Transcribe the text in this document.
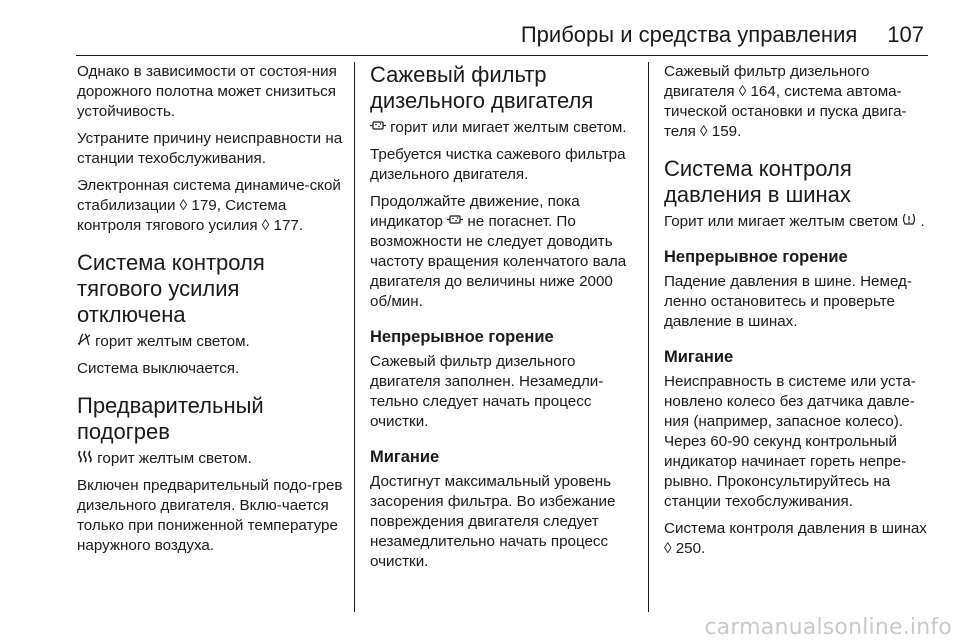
Приборы и средства управления 107

Однако в зависимости от состоя-ния дорожного полотна может снизиться устойчивость.

Устраните причину неисправности на станции техобслуживания.

Электронная система динамиче-ской стабилизации ◊ 179, Система контроля тягового усилия ◊ 177.

Система контроля тягового усилия отключена

горит желтым светом.

Система выключается.

Предварительный подогрев

горит желтым светом.

Включен предварительный подо-грев дизельного двигателя. Вклю-чается только при пониженной температуре наружного воздуха.

Сажевый фильтр дизельного двигателя

горит или мигает желтым светом.

Требуется чистка сажевого фильтра дизельного двигателя.

Продолжайте движение, пока индикатор не погаснет. По возможности не следует доводить частоту вращения коленчатого вала двигателя до величины ниже 2000 об/мин.

Непрерывное горение

Сажевый фильтр дизельного двигателя заполнен. Незамедли-тельно следует начать процесс очистки.

Мигание

Достигнут максимальный уровень засорения фильтра. Во избежание повреждения двигателя следует незамедлительно начать процесс очистки.

Сажевый фильтр дизельного двигателя ◊ 164, система автома-тической остановки и пуска двига-теля ◊ 159.

Система контроля давления в шинах

Горит или мигает желтым светом .

Непрерывное горение

Падение давления в шине. Немед-ленно остановитесь и проверьте давление в шинах.

Мигание

Неисправность в системе или уста-новлено колесо без датчика давле-ния (например, запасное колесо). Через 60-90 секунд контрольный индикатор начинает гореть непре-рывно. Проконсультируйтесь на станции техобслуживания.

Система контроля давления в шинах ◊ 250.

carmanualsonline.info
